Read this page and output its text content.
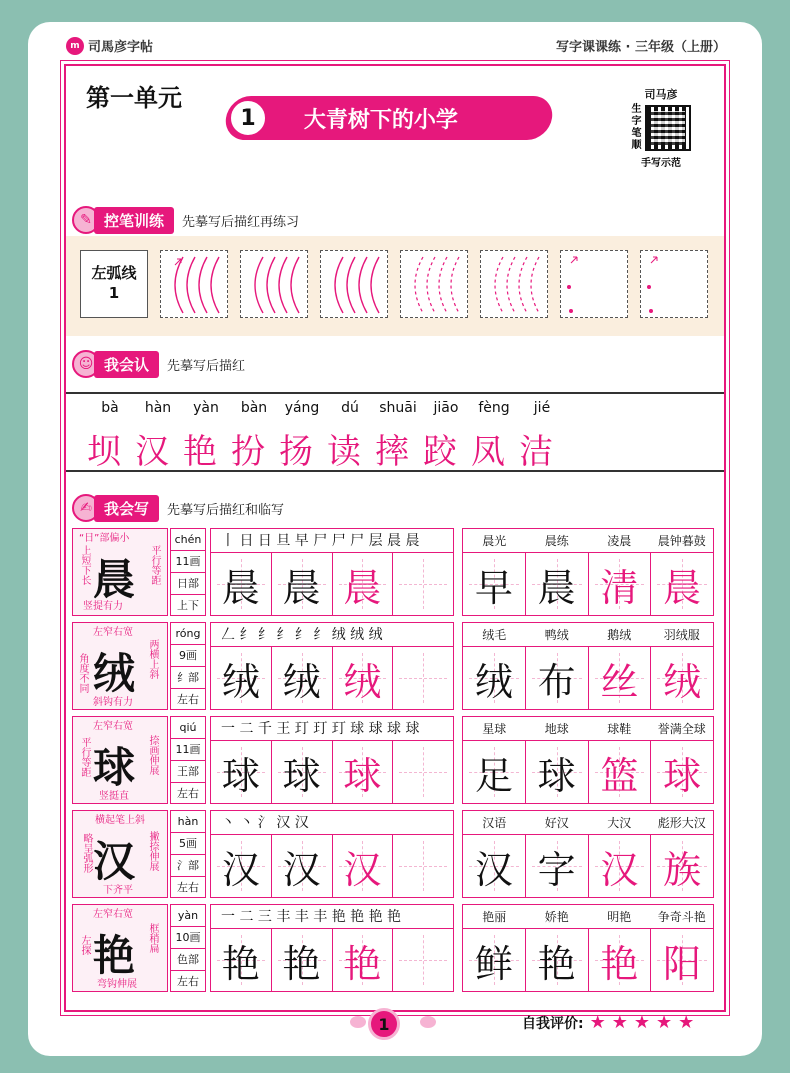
m 司馬彦字帖	写字课课练 · 三年级（上册）
第一单元
1	大青树下的小学
司马彦
生字笔顺
手写示范
✎ 控笔训练	先摹写后描红再练习
左弧线
1
☺ 我会认	先摹写后描红
bà	hàn	yàn	bàn	yáng	dú	shuāi	jiāo	fèng	jié
坝 汉 艳 扮 扬 读 摔 跤 凤 洁
✍ 我会写	先摹写后描红和临写
“日”部偏小
上短下长	平行等距
竖提有力
晨
chén
11画
日部
上下
丨 日 日 旦 早 尸 尸 尸 层 晨 晨
晨 晨 晨
晨光	晨练	凌晨	晨钟暮鼓
早 晨 清 晨
左窄右宽
角度不同	两横上斜
斜钩有力
绒
róng
9画
纟部
左右
𠃋 纟 纟 纟 纟 纟 绒 绒 绒
绒 绒 绒
绒毛	鸭绒	鹅绒	羽绒服
绒 布 丝 绒
左窄右宽
平行等距	捺画伸展
竖挺直
球
qiú
11画
王部
左右
一 二 千 王 玎 玎 玎 球 球 球 球
球 球 球
星球	地球	球鞋	誉满全球
足 球 篮 球
横起笔上斜
略呈弧形	撇捺伸展
下齐平
汉
hàn
5画
氵部
左右
丶 丶 氵 汉 汉
汉 汉 汉
汉语	好汉	大汉	彪形大汉
汉 字 汉 族
左窄右宽
左探	框稍扁
弯钩伸展
艳
yàn
10画
色部
左右
一 二 三 丰 丰 丰 艳 艳 艳 艳
艳 艳 艳
艳丽	娇艳	明艳	争奇斗艳
鲜 艳 艳 阳
1	自我评价: ★★★★★
